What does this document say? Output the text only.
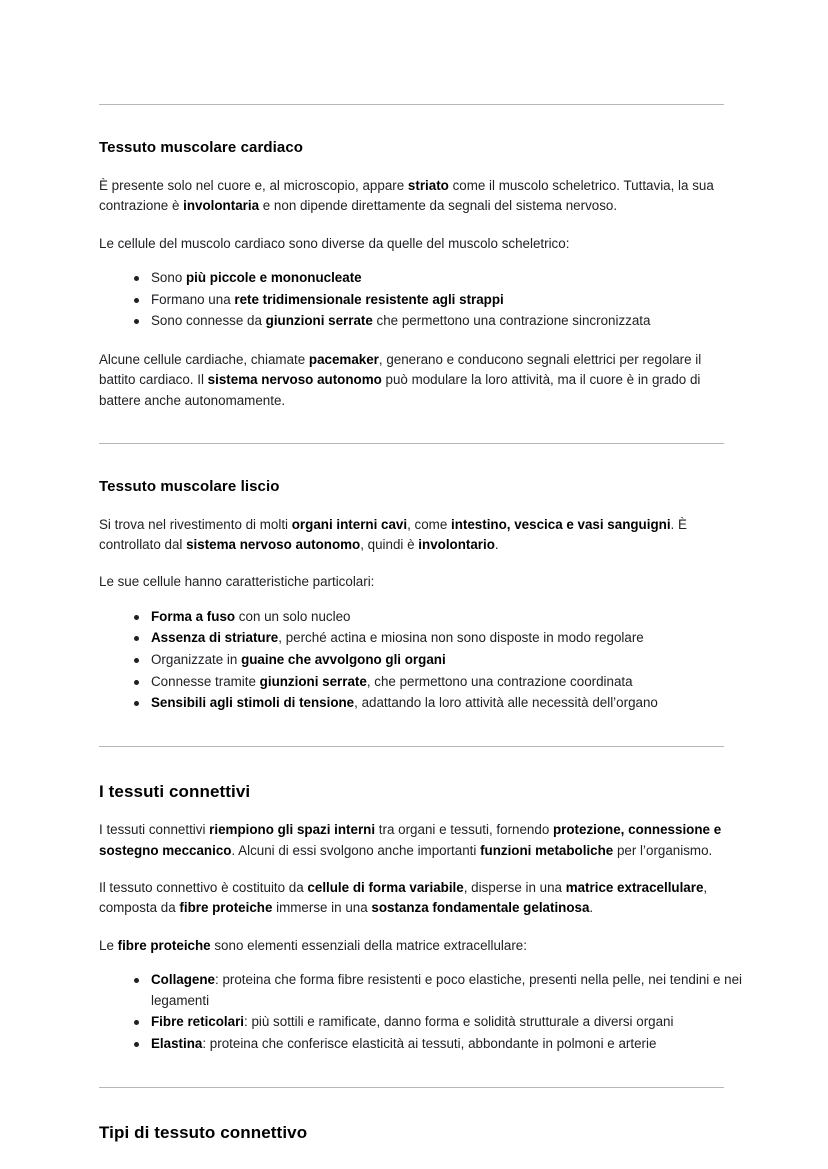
Tessuto muscolare cardiaco

È presente solo nel cuore e, al microscopio, appare striato come il muscolo scheletrico. Tuttavia, la sua contrazione è involontaria e non dipende direttamente da segnali del sistema nervoso.

Le cellule del muscolo cardiaco sono diverse da quelle del muscolo scheletrico:

Sono più piccole e mononucleate
Formano una rete tridimensionale resistente agli strappi
Sono connesse da giunzioni serrate che permettono una contrazione sincronizzata

Alcune cellule cardiache, chiamate pacemaker, generano e conducono segnali elettrici per regolare il battito cardiaco. Il sistema nervoso autonomo può modulare la loro attività, ma il cuore è in grado di battere anche autonomamente.

Tessuto muscolare liscio

Si trova nel rivestimento di molti organi interni cavi, come intestino, vescica e vasi sanguigni. È controllato dal sistema nervoso autonomo, quindi è involontario.

Le sue cellule hanno caratteristiche particolari:

Forma a fuso con un solo nucleo
Assenza di striature, perché actina e miosina non sono disposte in modo regolare
Organizzate in guaine che avvolgono gli organi
Connesse tramite giunzioni serrate, che permettono una contrazione coordinata
Sensibili agli stimoli di tensione, adattando la loro attività alle necessità dell’organo
I tessuti connettivi

I tessuti connettivi riempiono gli spazi interni tra organi e tessuti, fornendo protezione, connessione e sostegno meccanico. Alcuni di essi svolgono anche importanti funzioni metaboliche per l’organismo.

Il tessuto connettivo è costituito da cellule di forma variabile, disperse in una matrice extracellulare, composta da fibre proteiche immerse in una sostanza fondamentale gelatinosa.

Le fibre proteiche sono elementi essenziali della matrice extracellulare:

Collagene: proteina che forma fibre resistenti e poco elastiche, presenti nella pelle, nei tendini e nei legamenti
Fibre reticolari: più sottili e ramificate, danno forma e solidità strutturale a diversi organi
Elastina: proteina che conferisce elasticità ai tessuti, abbondante in polmoni e arterie
Tipi di tessuto connettivo
